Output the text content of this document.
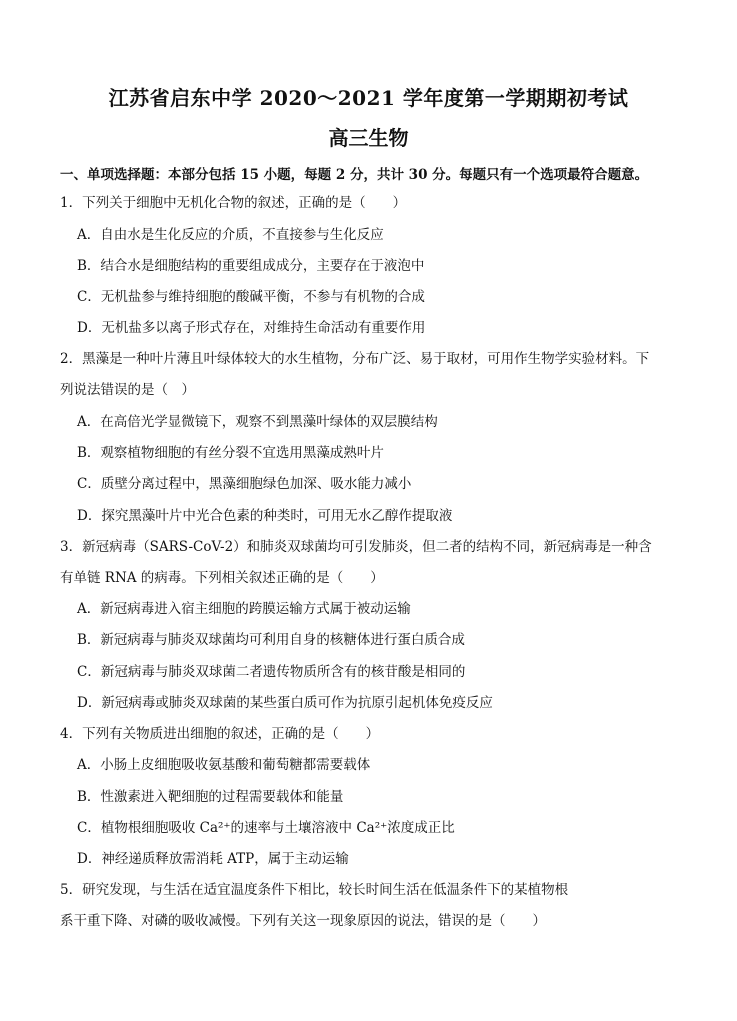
江苏省启东中学 2020～2021 学年度第一学期期初考试
高三生物
一、单项选择题：本部分包括 15 小题，每题 2 分，共计 30 分。每题只有一个选项最符合题意。
1．下列关于细胞中无机化合物的叙述，正确的是（　　）
A．自由水是生化反应的介质，不直接参与生化反应
B．结合水是细胞结构的重要组成成分，主要存在于液泡中
C．无机盐参与维持细胞的酸碱平衡，不参与有机物的合成
D．无机盐多以离子形式存在，对维持生命活动有重要作用
2．黑藻是一种叶片薄且叶绿体较大的水生植物，分布广泛、易于取材，可用作生物学实验材料。下
列说法错误的是（　）
A．在高倍光学显微镜下，观察不到黑藻叶绿体的双层膜结构
B．观察植物细胞的有丝分裂不宜选用黑藻成熟叶片
C．质壁分离过程中，黑藻细胞绿色加深、吸水能力减小
D．探究黑藻叶片中光合色素的种类时，可用无水乙醇作提取液
3．新冠病毒（SARS-CoV-2）和肺炎双球菌均可引发肺炎，但二者的结构不同，新冠病毒是一种含
有单链 RNA 的病毒。下列相关叙述正确的是（　　）
A．新冠病毒进入宿主细胞的跨膜运输方式属于被动运输
B．新冠病毒与肺炎双球菌均可利用自身的核糖体进行蛋白质合成
C．新冠病毒与肺炎双球菌二者遗传物质所含有的核苷酸是相同的
D．新冠病毒或肺炎双球菌的某些蛋白质可作为抗原引起机体免疫反应
4．下列有关物质进出细胞的叙述，正确的是（　　）
A．小肠上皮细胞吸收氨基酸和葡萄糖都需要载体
B．性激素进入靶细胞的过程需要载体和能量
C．植物根细胞吸收 Ca²⁺的速率与土壤溶液中 Ca²⁺浓度成正比
D．神经递质释放需消耗 ATP，属于主动运输
5．研究发现，与生活在适宜温度条件下相比，较长时间生活在低温条件下的某植物根
系干重下降、对磷的吸收减慢。下列有关这一现象原因的说法，错误的是（　　）
